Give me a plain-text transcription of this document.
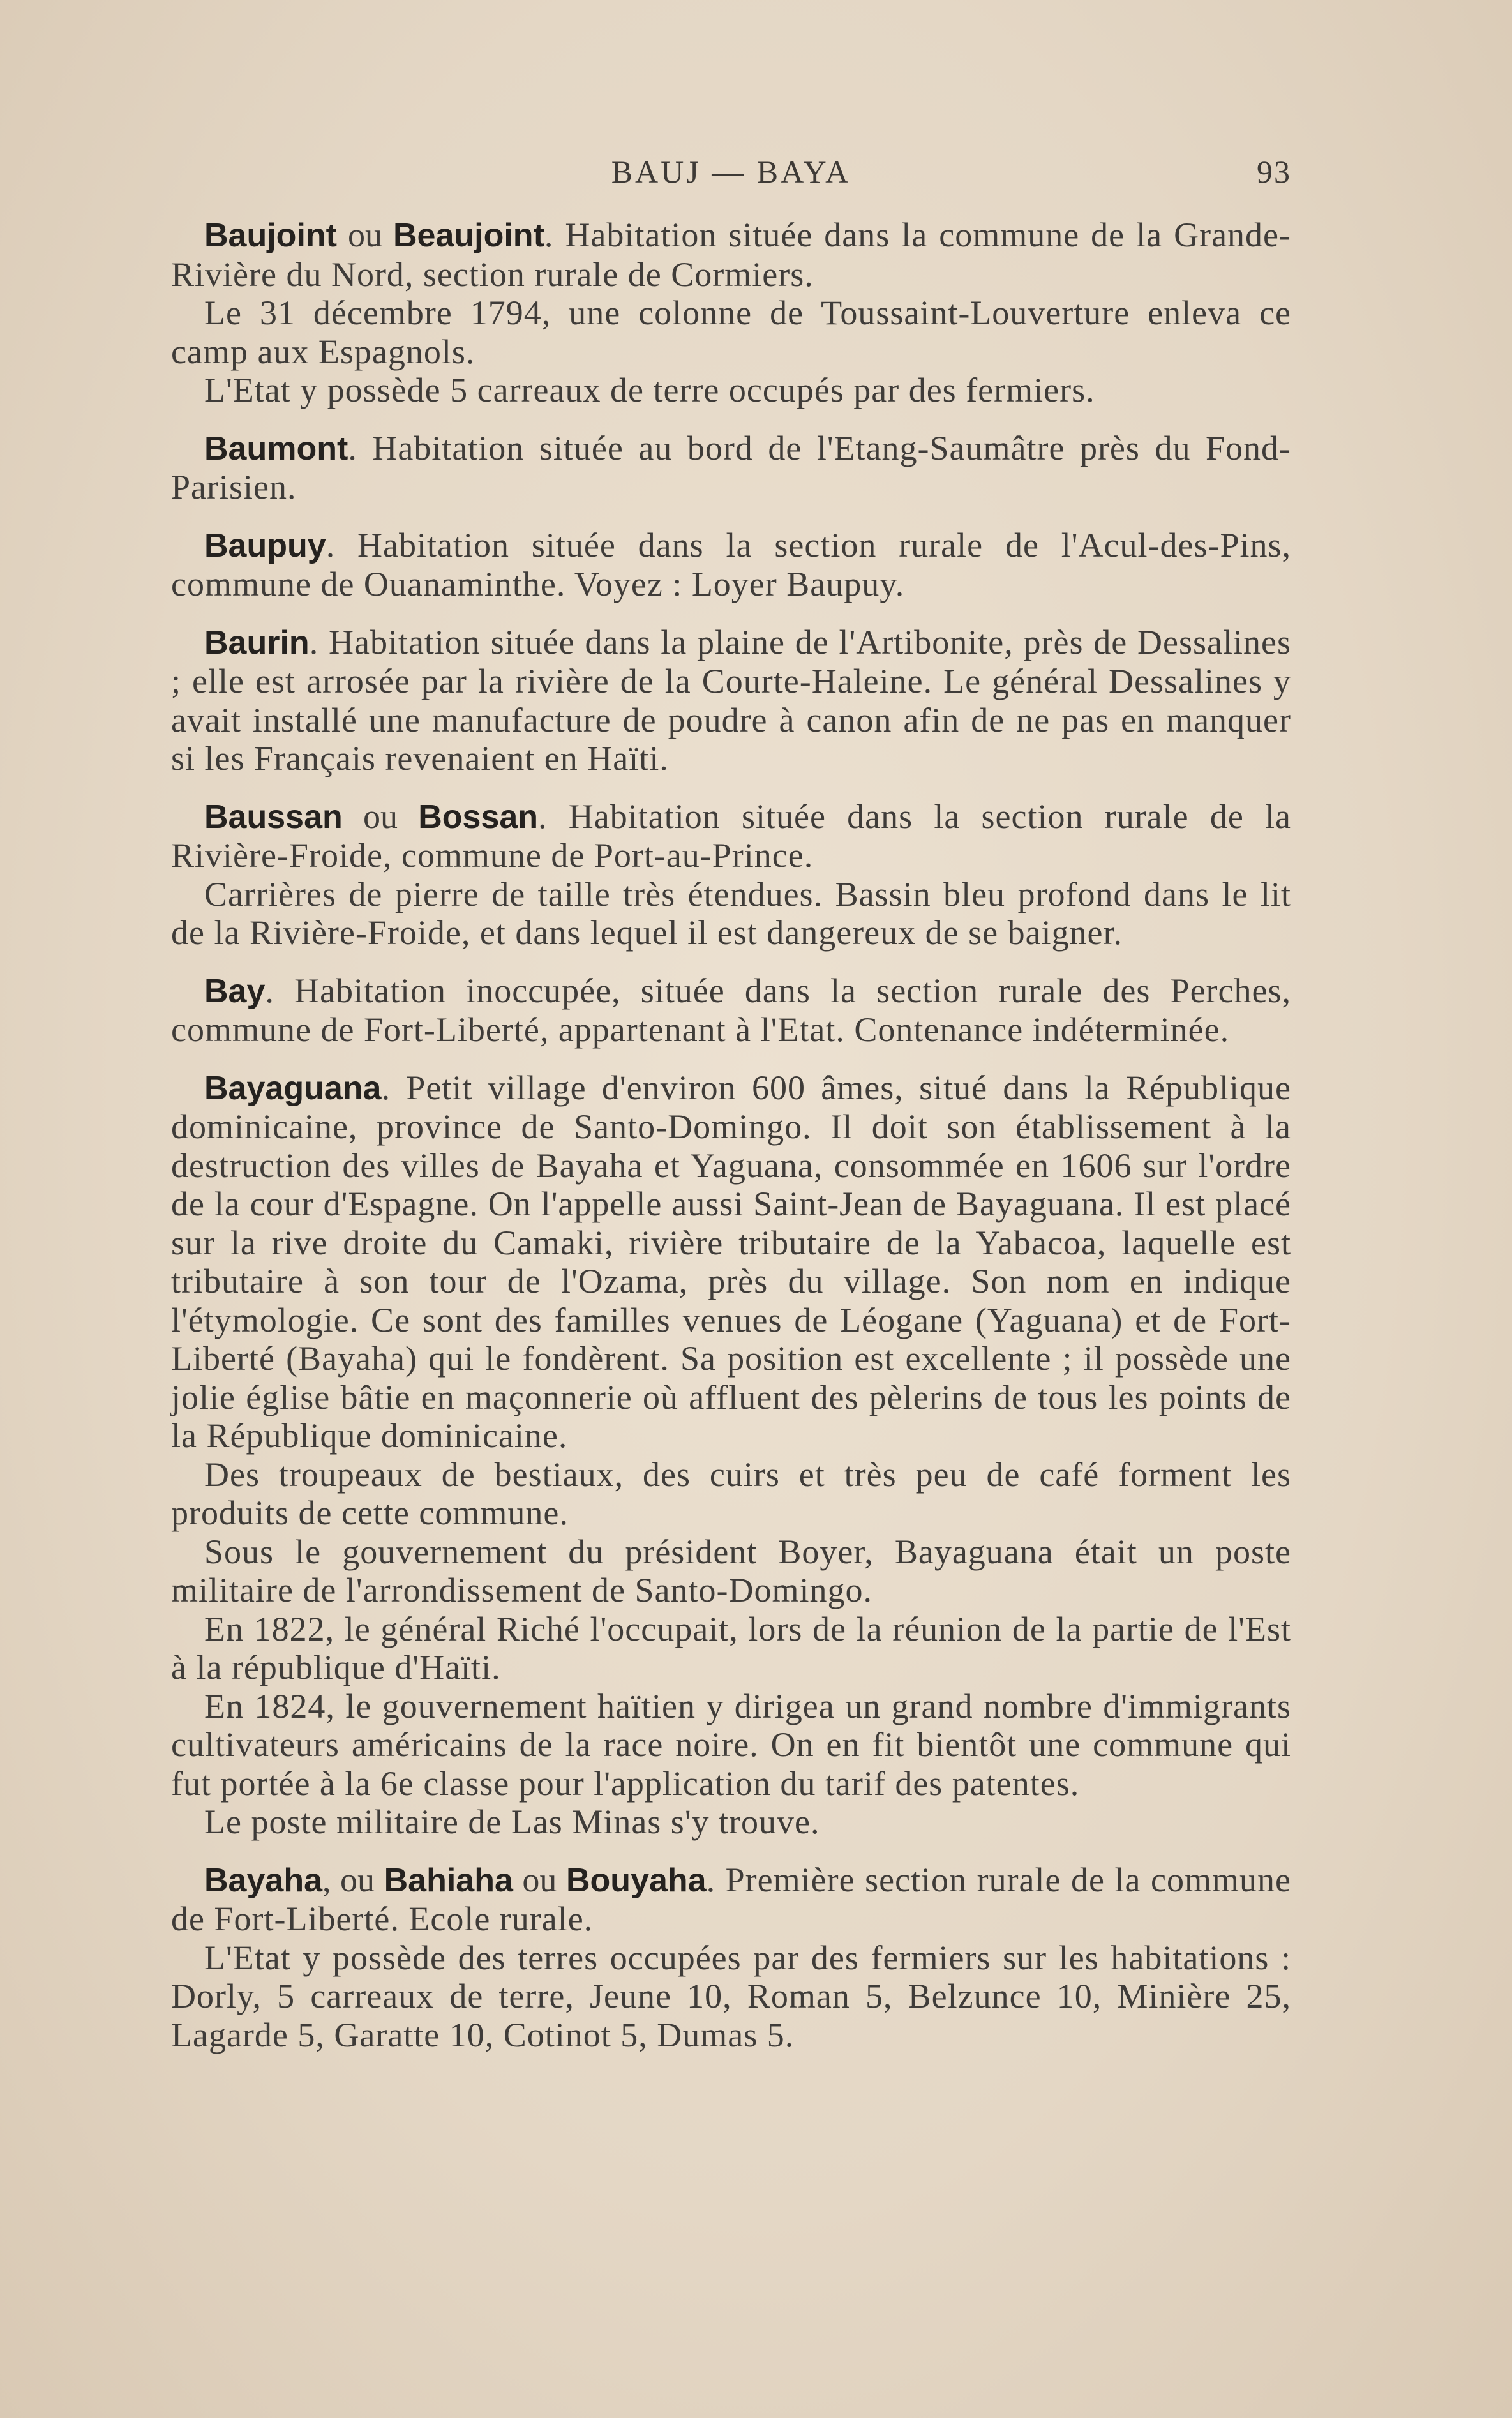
BAUJ — BAYA	93

Baujoint ou Beaujoint. Habitation située dans la commune de la Grande-Rivière du Nord, section rurale de Cormiers.

Le 31 décembre 1794, une colonne de Toussaint-Louverture enleva ce camp aux Espagnols.

L'Etat y possède 5 carreaux de terre occupés par des fermiers.

Baumont. Habitation située au bord de l'Etang-Saumâtre près du Fond-Parisien.

Baupuy. Habitation située dans la section rurale de l'Acul-des-Pins, commune de Ouanaminthe. Voyez : Loyer Baupuy.

Baurin. Habitation située dans la plaine de l'Artibonite, près de Dessalines ; elle est arrosée par la rivière de la Courte-Haleine. Le général Dessalines y avait installé une manufacture de poudre à canon afin de ne pas en manquer si les Français revenaient en Haïti.

Baussan ou Bossan. Habitation située dans la section rurale de la Rivière-Froide, commune de Port-au-Prince.

Carrières de pierre de taille très étendues. Bassin bleu profond dans le lit de la Rivière-Froide, et dans lequel il est dangereux de se baigner.

Bay. Habitation inoccupée, située dans la section rurale des Perches, commune de Fort-Liberté, appartenant à l'Etat. Contenance indéterminée.

Bayaguana. Petit village d'environ 600 âmes, situé dans la République dominicaine, province de Santo-Domingo. Il doit son établissement à la destruction des villes de Bayaha et Yaguana, consommée en 1606 sur l'ordre de la cour d'Espagne. On l'appelle aussi Saint-Jean de Bayaguana. Il est placé sur la rive droite du Camaki, rivière tributaire de la Yabacoa, laquelle est tributaire à son tour de l'Ozama, près du village. Son nom en indique l'étymologie. Ce sont des familles venues de Léogane (Yaguana) et de Fort-Liberté (Bayaha) qui le fondèrent. Sa position est excellente ; il possède une jolie église bâtie en maçonnerie où affluent des pèlerins de tous les points de la République dominicaine.

Des troupeaux de bestiaux, des cuirs et très peu de café forment les produits de cette commune.

Sous le gouvernement du président Boyer, Bayaguana était un poste militaire de l'arrondissement de Santo-Domingo.

En 1822, le général Riché l'occupait, lors de la réunion de la partie de l'Est à la république d'Haïti.

En 1824, le gouvernement haïtien y dirigea un grand nombre d'immigrants cultivateurs américains de la race noire. On en fit bientôt une commune qui fut portée à la 6e classe pour l'application du tarif des patentes.

Le poste militaire de Las Minas s'y trouve.

Bayaha, ou Bahiaha ou Bouyaha. Première section rurale de la commune de Fort-Liberté. Ecole rurale.

L'Etat y possède des terres occupées par des fermiers sur les habitations : Dorly, 5 carreaux de terre, Jeune 10, Roman 5, Belzunce 10, Minière 25, Lagarde 5, Garatte 10, Cotinot 5, Dumas 5.
